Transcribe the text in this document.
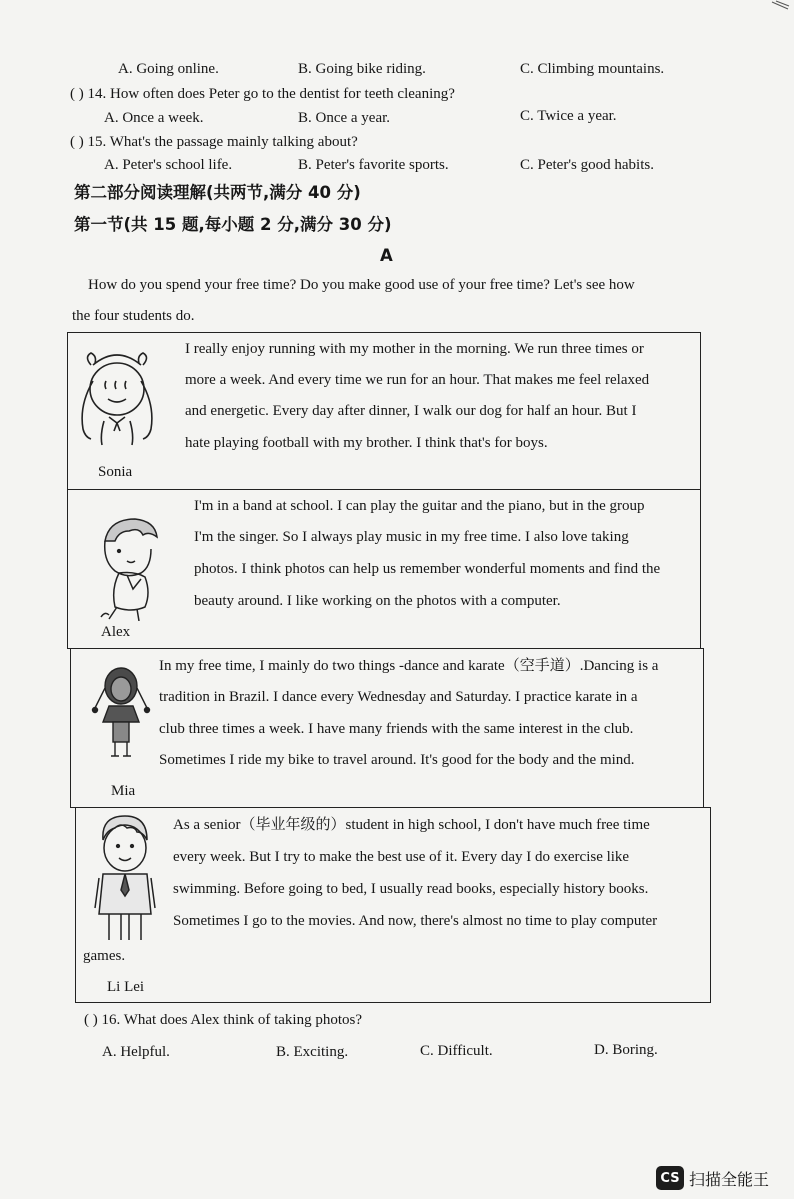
A. Going online.	B. Going bike riding.	C. Climbing mountains.
( ) 14. How often does Peter go to the dentist for teeth cleaning?
A. Once a week.	B. Once a year.	C. Twice a year.
( ) 15. What's the passage mainly talking about?
A. Peter's school life.	B. Peter's favorite sports.	C. Peter's good habits.
第二部分阅读理解(共两节,满分 40 分)
第一节(共 15 题,每小题 2 分,满分 30 分)
A
How do you spend your free time? Do you make good use of your free time? Let's see how
the four students do.
Sonia
I really enjoy running with my mother in the morning. We run three times or
more a week. And every time we run for an hour. That makes me feel relaxed
and energetic. Every day after dinner, I walk our dog for half an hour. But I
hate playing football with my brother. I think that's for boys.
Alex
I'm in a band at school. I can play the guitar and the piano, but in the group
I'm the singer. So I always play music in my free time. I also love taking
photos. I think photos can help us remember wonderful moments and find the
beauty around. I like working on the photos with a computer.
Mia
In my free time, I mainly do two things -dance and karate（空手道）.Dancing is a
tradition in Brazil. I dance every Wednesday and Saturday. I practice karate in a
club three times a week. I have many friends with the same interest in the club.
Sometimes I ride my bike to travel around. It's good for the body and the mind.
games.
Li Lei
As a senior（毕业年级的）student in high school, I don't have much free time
every week. But I try to make the best use of it. Every day I do exercise like
swimming. Before going to bed, I usually read books, especially history books.
Sometimes I go to the movies. And now, there's almost no time to play computer
( ) 16. What does Alex think of taking photos?
A. Helpful.	B. Exciting.	C. Difficult.	D. Boring.
CS 扫描全能王
